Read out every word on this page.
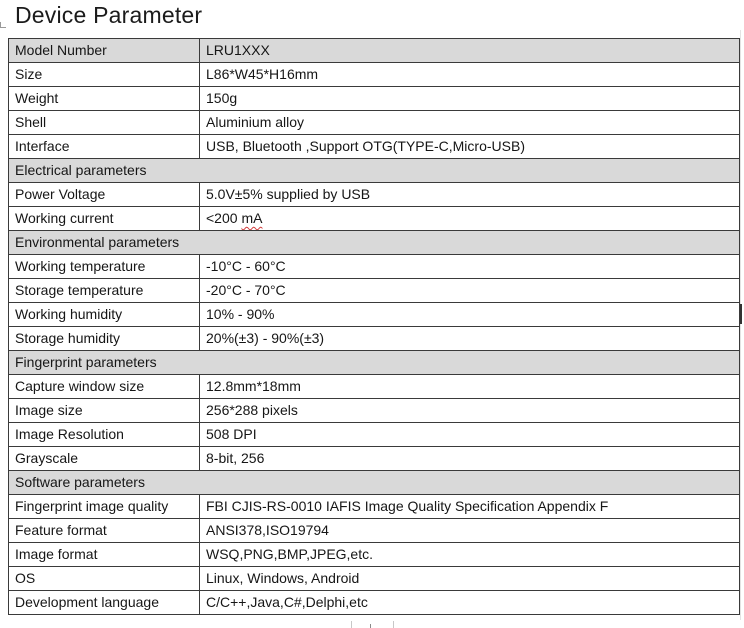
Device Parameter
Model Number	LRU1XXX
Size	L86*W45*H16mm
Weight	150g
Shell	Aluminium alloy
Interface	USB, Bluetooth ,Support OTG(TYPE-C,Micro-USB)
Electrical parameters	
Power Voltage	5.0V±5% supplied by USB
Working current	<200 mA
Environmental parameters	
Working temperature	-10°C - 60°C
Storage temperature	-20°C - 70°C
Working humidity	10% - 90%
Storage humidity	20%(±3) - 90%(±3)
Fingerprint parameters	
Capture window size	12.8mm*18mm
Image size	256*288 pixels
Image Resolution	508 DPI
Grayscale	8-bit, 256
Software parameters	
Fingerprint image quality	FBI CJIS-RS-0010 IAFIS Image Quality Specification Appendix F
Feature format	ANSI378,ISO19794
Image format	WSQ,PNG,BMP,JPEG,etc.
OS	Linux, Windows, Android
Development language	C/C++,Java,C#,Delphi,etc
